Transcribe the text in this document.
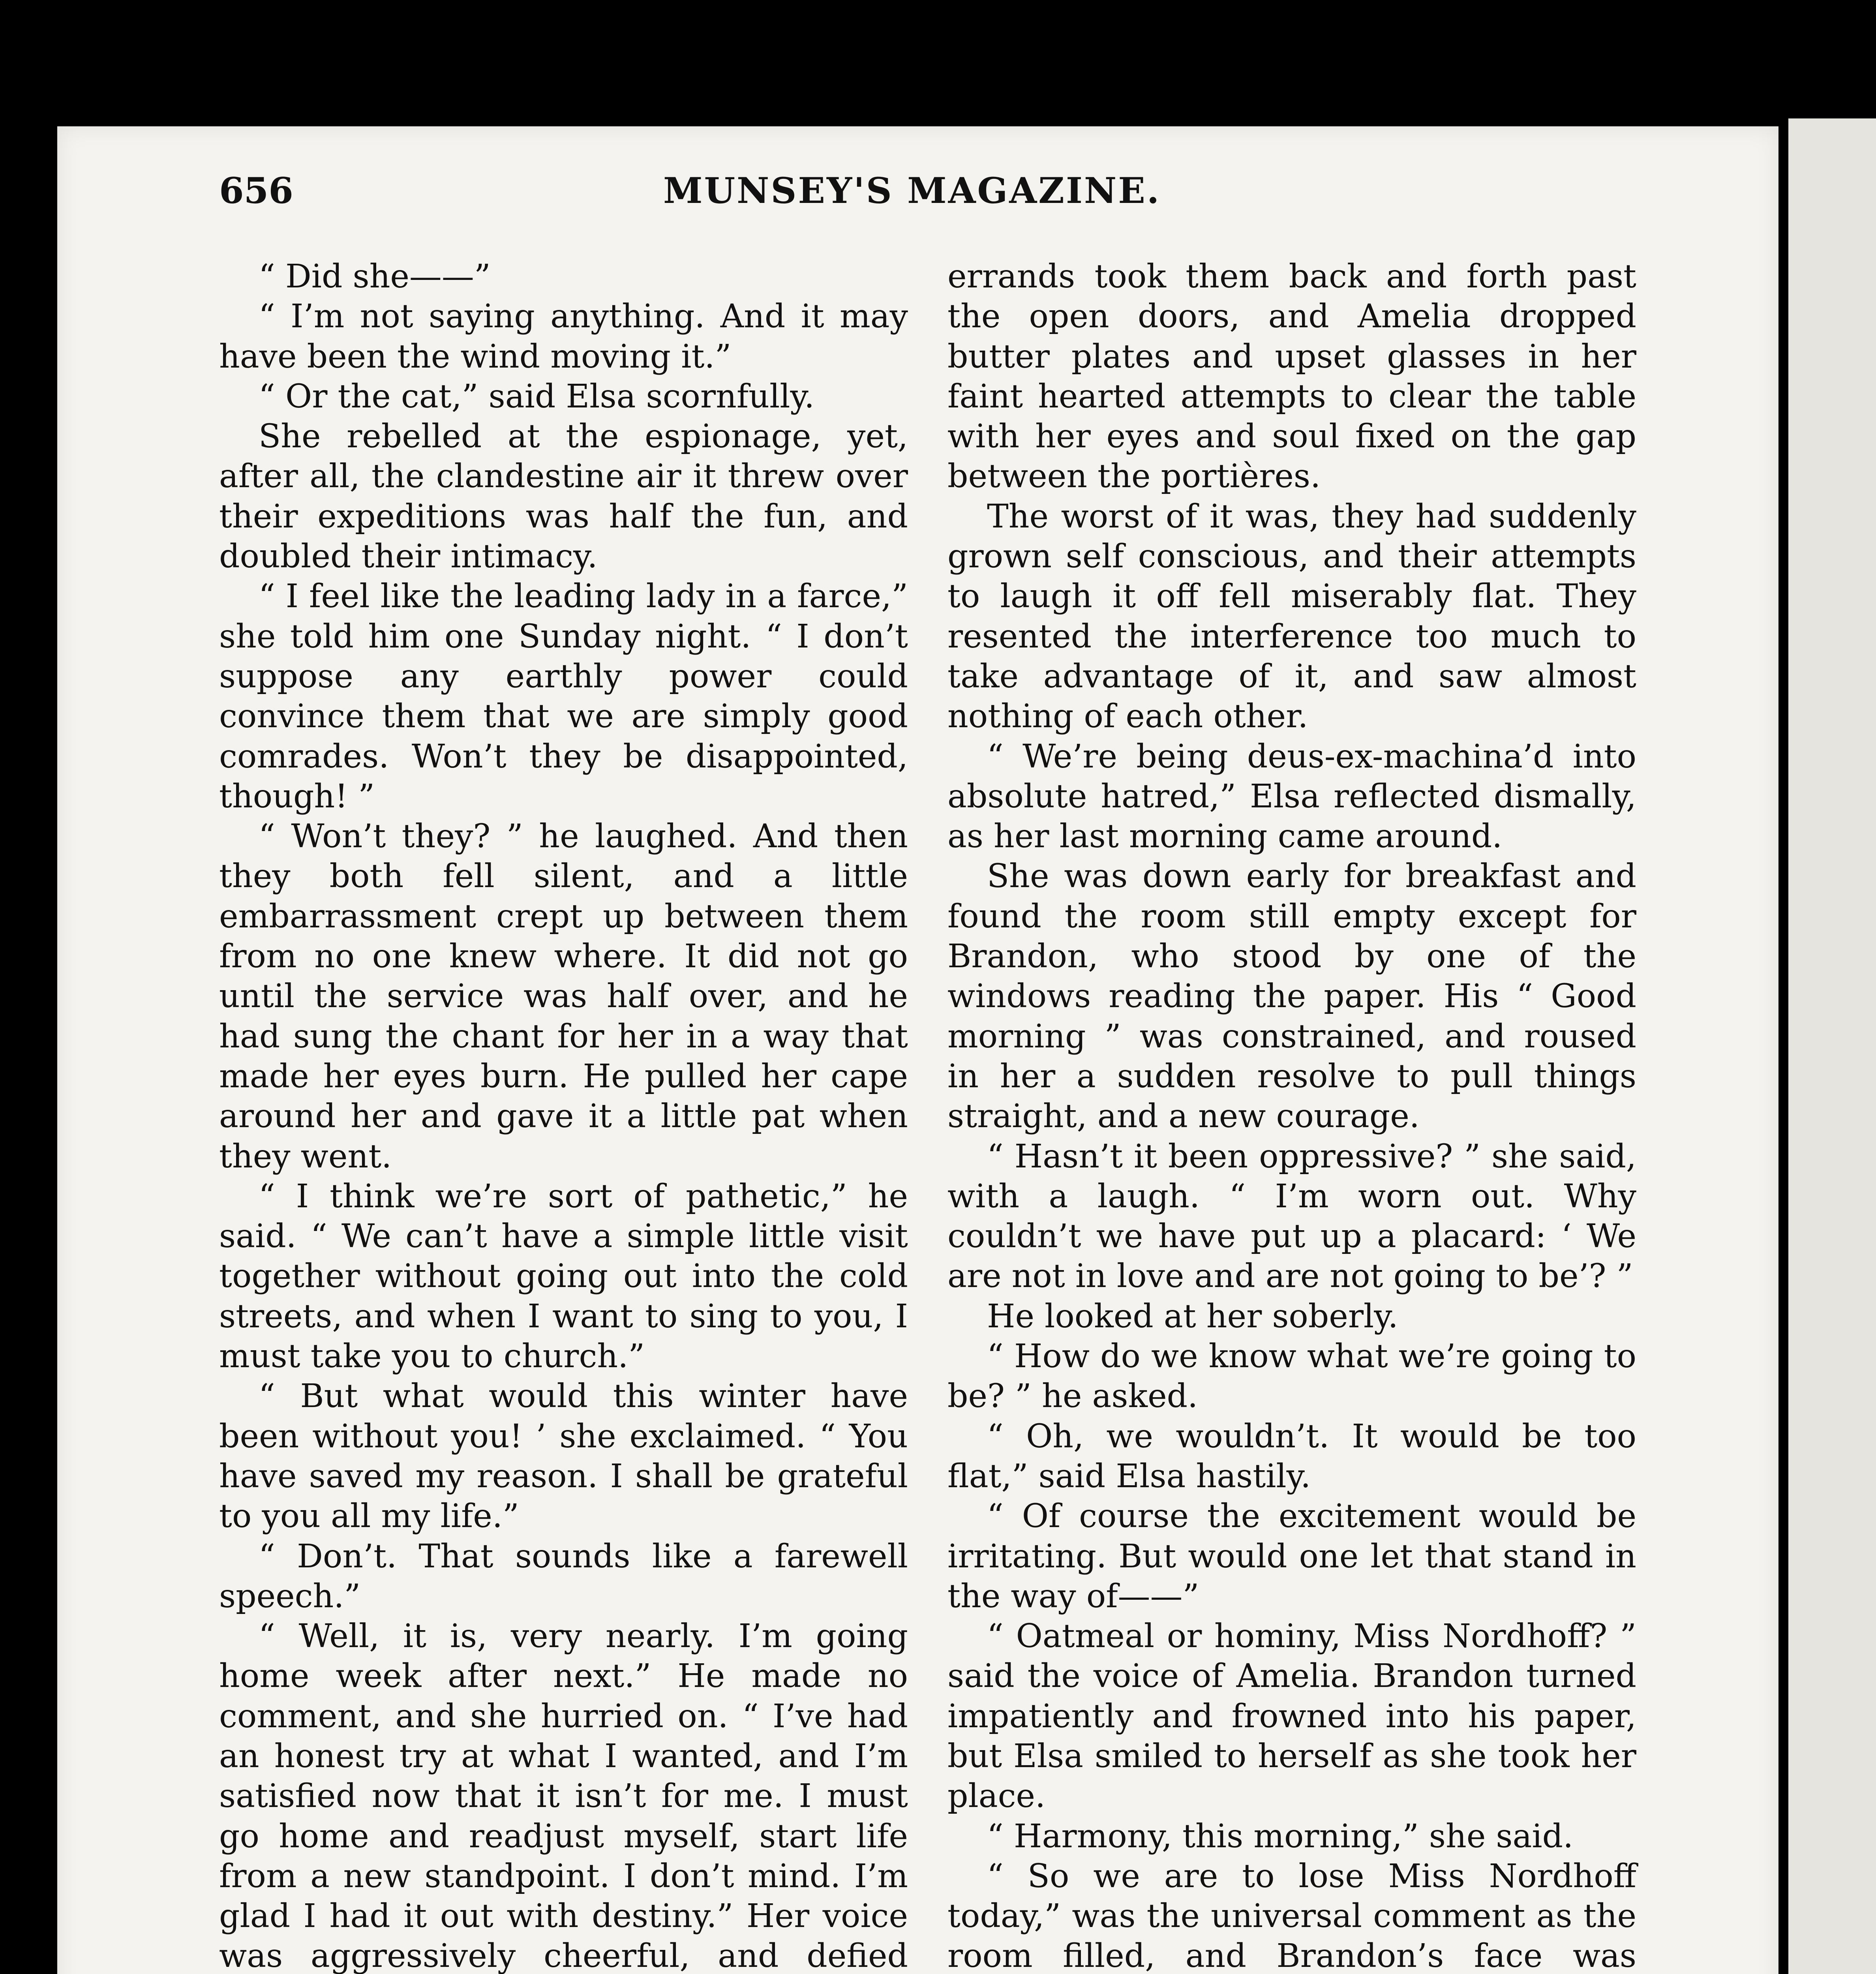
656	MUNSEY'S MAGAZINE.

“ Did she——”

“ I’m not saying anything. And it may have been the wind moving it.”

“ Or the cat,” said Elsa scornfully.

She rebelled at the espionage, yet, after all, the clandestine air it threw over their expeditions was half the fun, and doubled their intimacy.

“ I feel like the leading lady in a farce,” she told him one Sunday night. “ I don’t suppose any earthly power could convince them that we are simply good comrades. Won’t they be disappointed, though! ”

“ Won’t they? ” he laughed. And then they both fell silent, and a little embarrassment crept up between them from no one knew where. It did not go until the service was half over, and he had sung the chant for her in a way that made her eyes burn. He pulled her cape around her and gave it a little pat when they went.

“ I think we’re sort of pathetic,” he said. “ We can’t have a simple little visit together without going out into the cold streets, and when I want to sing to you, I must take you to church.”

“ But what would this winter have been without you! ’ she exclaimed. “ You have saved my reason. I shall be grateful to you all my life.”

“ Don’t. That sounds like a farewell speech.”

“ Well, it is, very nearly. I’m going home week after next.” He made no comment, and she hurried on. “ I’ve had an honest try at what I wanted, and I’m satisfied now that it isn’t for me. I must go home and readjust myself, start life from a new standpoint. I don’t mind. I’m glad I had it out with destiny.” Her voice was aggressively cheerful, and defied

errands took them back and forth past the open doors, and Amelia dropped butter plates and upset glasses in her faint hearted attempts to clear the table with her eyes and soul fixed on the gap between the portières.

The worst of it was, they had suddenly grown self conscious, and their attempts to laugh it off fell miserably flat. They resented the interference too much to take advantage of it, and saw almost nothing of each other.

“ We’re being deus-ex-machina’d into absolute hatred,” Elsa reflected dismally, as her last morning came around.

She was down early for breakfast and found the room still empty except for Brandon, who stood by one of the windows reading the paper. His “ Good morning ” was constrained, and roused in her a sudden resolve to pull things straight, and a new courage.

“ Hasn’t it been oppressive? ” she said, with a laugh. “ I’m worn out. Why couldn’t we have put up a placard: ‘ We are not in love and are not going to be’? ”

He looked at her soberly.

“ How do we know what we’re going to be? ” he asked.

“ Oh, we wouldn’t. It would be too flat,” said Elsa hastily.

“ Of course the excitement would be irritating. But would one let that stand in the way of——”

“ Oatmeal or hominy, Miss Nordhoff? ” said the voice of Amelia. Brandon turned impatiently and frowned into his paper, but Elsa smiled to herself as she took her place.

“ Harmony, this morning,” she said.

“ So we are to lose Miss Nordhoff today,” was the universal comment as the room filled, and Brandon’s face was
